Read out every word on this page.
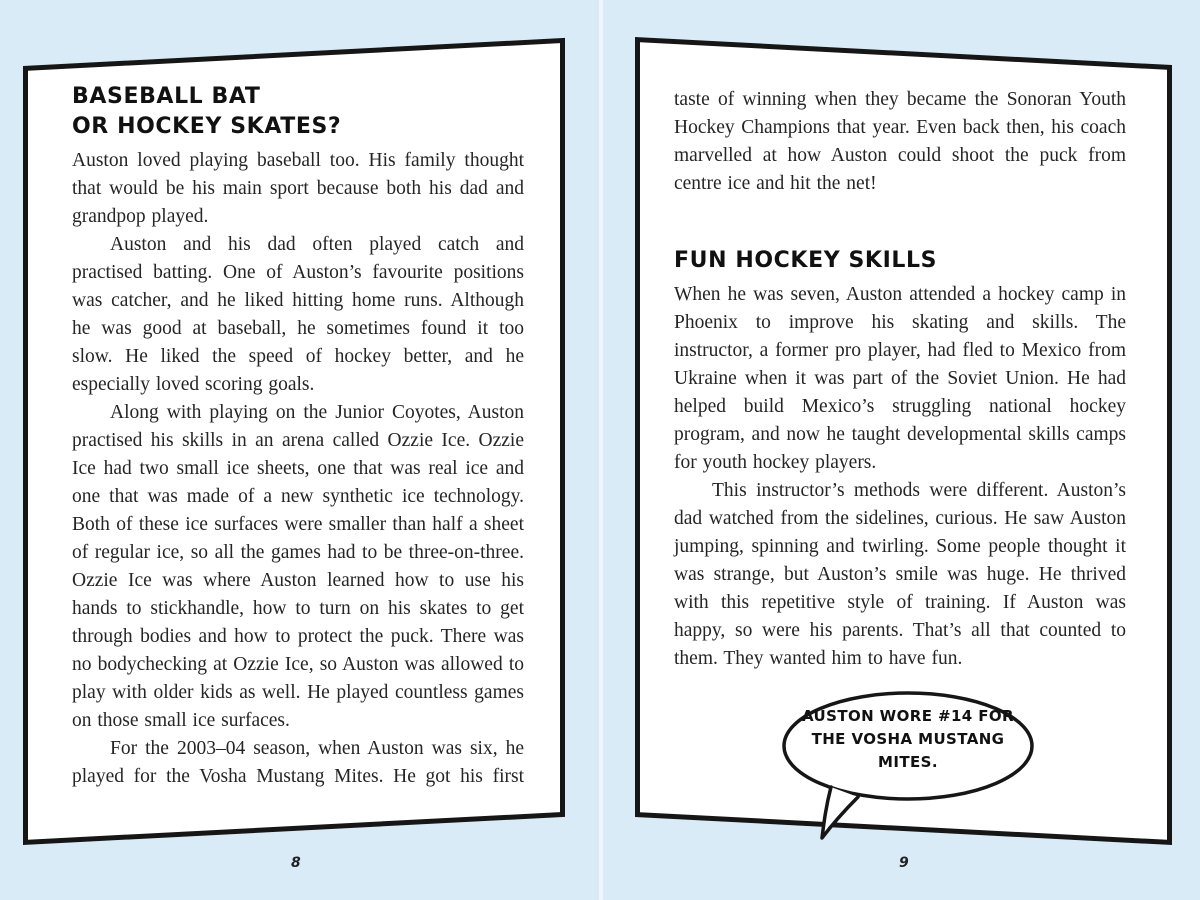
BASEBALL BAT
OR HOCKEY SKATES?

Auston loved playing baseball too. His family thought that would be his main sport because both his dad and grandpop played.

Auston and his dad often played catch and practised batting. One of Auston’s favourite positions was catcher, and he liked hitting home runs. Although he was good at baseball, he sometimes found it too slow. He liked the speed of hockey better, and he especially loved scoring goals.

Along with playing on the Junior Coyotes, Auston practised his skills in an arena called Ozzie Ice. Ozzie Ice had two small ice sheets, one that was real ice and one that was made of a new synthetic ice technology. Both of these ice surfaces were smaller than half a sheet of regular ice, so all the games had to be three-on-three. Ozzie Ice was where Auston learned how to use his hands to stickhandle, how to turn on his skates to get through bodies and how to protect the puck. There was no bodychecking at Ozzie Ice, so Auston was allowed to play with older kids as well. He played countless games on those small ice surfaces.

For the 2003–04 season, when Auston was six, he played for the Vosha Mustang Mites. He got his first

taste of winning when they became the Sonoran Youth Hockey Champions that year. Even back then, his coach marvelled at how Auston could shoot the puck from centre ice and hit the net!

FUN HOCKEY SKILLS

When he was seven, Auston attended a hockey camp in Phoenix to improve his skating and skills. The instructor, a former pro player, had fled to Mexico from Ukraine when it was part of the Soviet Union. He had helped build Mexico’s struggling national hockey program, and now he taught developmental skills camps for youth hockey players.

This instructor’s methods were different. Auston’s dad watched from the sidelines, curious. He saw Auston jumping, spinning and twirling. Some people thought it was strange, but Auston’s smile was huge. He thrived with this repetitive style of training. If Auston was happy, so were his parents. That’s all that counted to them. They wanted him to have fun.

AUSTON WORE #14 FOR THE VOSHA MUSTANG MITES.
8	9
